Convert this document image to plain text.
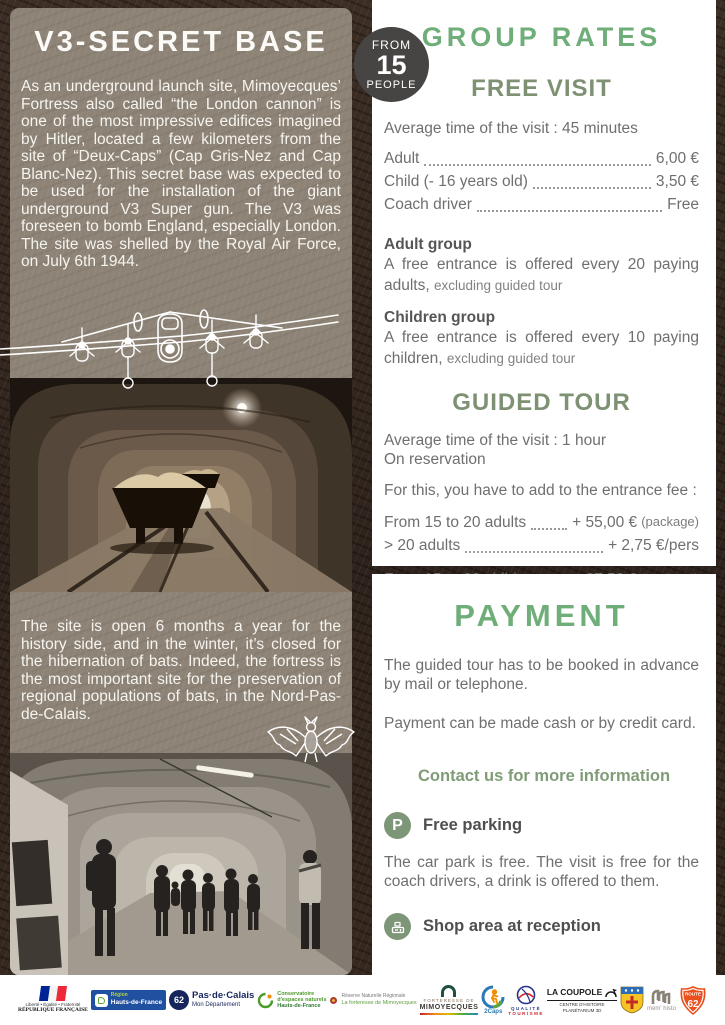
V3-SECRET BASE

As an underground launch site, Mimoyecques’ Fortress also called “the London cannon” is one of the most impressive edifices imagined by Hitler, located a few kilometers from the site of “Deux-Caps” (Cap Gris-Nez and Cap Blanc-Nez). This secret base was expected to be used for the installation of the giant underground V3 Super gun. The V3 was foreseen to bomb England, especially London. The site was shelled by the Royal Air Force, on July 6th 1944.

The site is open 6 months a year for the history side, and in the winter, it’s closed for the hibernation of bats. Indeed, the fortress is the most important site for the preservation of regional populations of bats, in the Nord-Pas-de-Calais.

FROM
15
PEOPLE
GROUP RATES
FREE VISIT

Average time of the visit : 45 minutes

Adult	6,00 €
Child (- 16 years old)	3,50 €
Coach driver	Free
Adult group

A free entrance is offered every 20 paying adults, excluding guided tour

Children group

A free entrance is offered every 10 paying children, excluding guided tour

GUIDED TOUR

Average time of the visit : 1 hour

On reservation

For this, you have to add to the entrance fee :

From 15 to 20 adults	+ 55,00 € (package)
> 20 adults	+ 2,75 €/pers
PAYMENT

The guided tour has to be booked in advance by mail or telephone.

Payment can be made cash or by credit card.

Contact us for more information
P	Free parking

The car park is free. The visit is free for the coach drivers, a drink is offered to them.

Shop area at reception
Liberté • Égalité • Fraternité
RÉPUBLIQUE FRANÇAISE
Région
Hauts-de-France	62 Pas·de·Calais
Mon Département
Conservatoire
d'espaces naturels
Hauts-de-France
Réserve Naturelle Régionale
La forteresse de Mimoyecques FORTERESSE DE
MIMOYECQUES
2Caps
QUALITÉ
TOURISME
LA COUPOLE
CENTRE D'HISTOIRE
PLANÉTARIUM 3D	mem' histo
ROUTE
62
